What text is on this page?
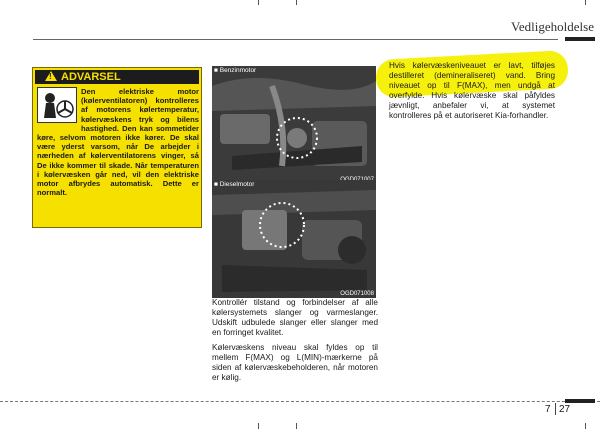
Vedligeholdelse
!ADVARSEL
Den elektriske motor (kølerventilatoren) kontrolleres af motorens kølertemperatur, kølervæskens tryk og bilens hastighed. Den kan sommetider køre, selvom motoren ikke kører. De skal være yderst varsom, når De arbejder i nærheden af kølerventilatorens vinger, så De ikke kommer til skade. Når temperaturen i kølervæsken går ned, vil den elektriske motor afbrydes automatisk. Dette er normalt.
■ Benzinmotor
■ Dieselmotor
OGD071008

Kontrollér tilstand og forbindelser af alle kølersystemets slanger og varmeslanger. Udskift udbulede slanger eller slanger med en forringet kvalitet.

Kølervæskens niveau skal fyldes op til mellem F(MAX) og L(MIN)-mærkerne på siden af kølervæskebeholderen, når motoren er kølig.

Hvis kølervæskeniveauet er lavt, tilføjes destilleret (demineraliseret) vand. Bring niveauet op til F(MAX), men undgå at overfylde. Hvis kølervæske skal påfyldes jævnligt, anbefaler vi, at systemet kontrolleres på et autoriseret Kia-forhandler.
7 27
